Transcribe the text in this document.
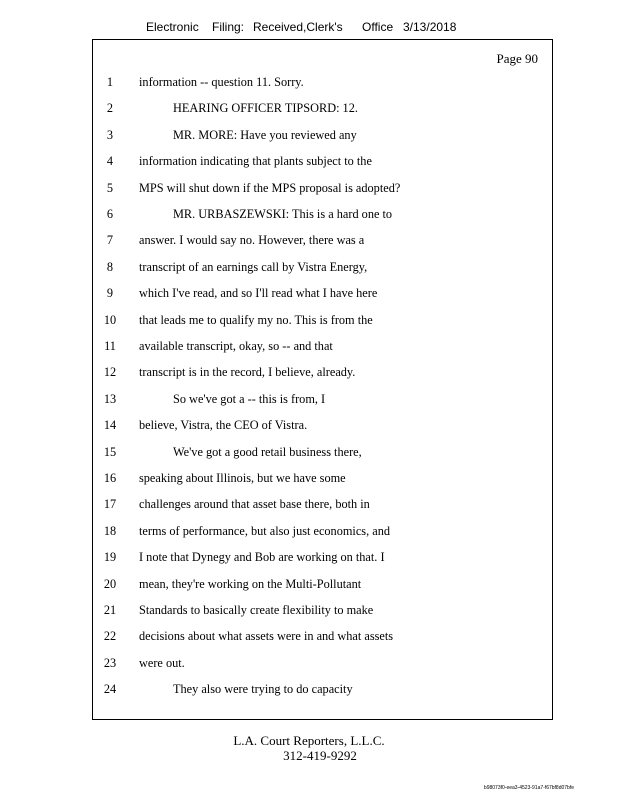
Electronic Filing: Received,Clerk's Office 3/13/2018
Page 90
1	information -- question 11. Sorry.
2	HEARING OFFICER TIPSORD: 12.
3	MR. MORE: Have you reviewed any
4	information indicating that plants subject to the
5	MPS will shut down if the MPS proposal is adopted?
6	MR. URBASZEWSKI: This is a hard one to
7	answer. I would say no. However, there was a
8	transcript of an earnings call by Vistra Energy,
9	which I've read, and so I'll read what I have here
10	that leads me to qualify my no. This is from the
11	available transcript, okay, so -- and that
12	transcript is in the record, I believe, already.
13	So we've got a -- this is from, I
14	believe, Vistra, the CEO of Vistra.
15	We've got a good retail business there,
16	speaking about Illinois, but we have some
17	challenges around that asset base there, both in
18	terms of performance, but also just economics, and
19	I note that Dynegy and Bob are working on that. I
20	mean, they're working on the Multi-Pollutant
21	Standards to basically create flexibility to make
22	decisions about what assets were in and what assets
23	were out.
24	They also were trying to do capacity
L.A. Court Reporters, L.L.C.
312-419-9292
b98073f0-eea3-4523-91a7-f67bf8d07bfe
